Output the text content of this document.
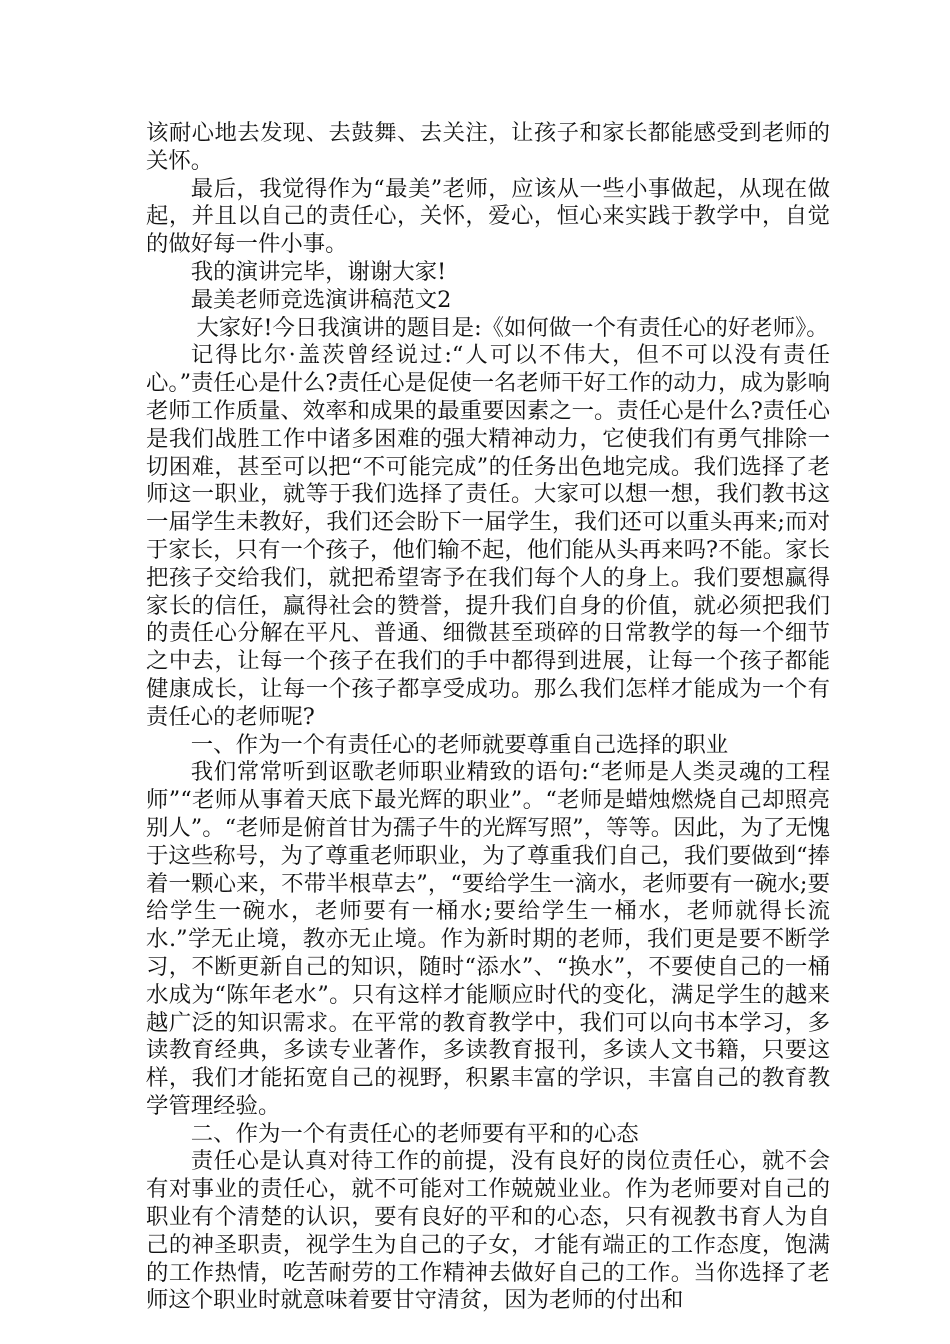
该耐心地去发现、去鼓舞、去关注，让孩子和家长都能感受到老师的关怀。

最后，我觉得作为“最美”老师，应该从一些小事做起，从现在做起，并且以自己的责任心，关怀，爱心，恒心来实践于教学中，自觉的做好每一件小事。

我的演讲完毕，谢谢大家!

最美老师竞选演讲稿范文2

大家好!今日我演讲的题目是:《如何做一个有责任心的好老师》。

记得比尔·盖茨曾经说过:“人可以不伟大，但不可以没有责任心。”责任心是什么?责任心是促使一名老师干好工作的动力，成为影响老师工作质量、效率和成果的最重要因素之一。责任心是什么?责任心是我们战胜工作中诸多困难的强大精神动力，它使我们有勇气排除一切困难，甚至可以把“不可能完成”的任务出色地完成。我们选择了老师这一职业，就等于我们选择了责任。大家可以想一想，我们教书这一届学生未教好，我们还会盼下一届学生，我们还可以重头再来;而对于家长，只有一个孩子，他们输不起，他们能从头再来吗?不能。家长把孩子交给我们，就把希望寄予在我们每个人的身上。我们要想赢得家长的信任，赢得社会的赞誉，提升我们自身的价值，就必须把我们的责任心分解在平凡、普通、细微甚至琐碎的日常教学的每一个细节之中去，让每一个孩子在我们的手中都得到进展，让每一个孩子都能健康成长，让每一个孩子都享受成功。那么我们怎样才能成为一个有责任心的老师呢?

一、作为一个有责任心的老师就要尊重自己选择的职业

我们常常听到讴歌老师职业精致的语句:“老师是人类灵魂的工程师”“老师从事着天底下最光辉的职业”。“老师是蜡烛燃烧自己却照亮别人”。“老师是俯首甘为孺子牛的光辉写照”，等等。因此，为了无愧于这些称号，为了尊重老师职业，为了尊重我们自己，我们要做到“捧着一颗心来，不带半根草去”，“要给学生一滴水，老师要有一碗水;要给学生一碗水，老师要有一桶水;要给学生一桶水，老师就得长流水.”学无止境，教亦无止境。作为新时期的老师，我们更是要不断学习，不断更新自己的知识，随时“添水”、“换水”，不要使自己的一桶水成为“陈年老水”。只有这样才能顺应时代的变化，满足学生的越来越广泛的知识需求。在平常的教育教学中，我们可以向书本学习，多读教育经典，多读专业著作，多读教育报刊，多读人文书籍，只要这样，我们才能拓宽自己的视野，积累丰富的学识，丰富自己的教育教学管理经验。

二、作为一个有责任心的老师要有平和的心态

责任心是认真对待工作的前提，没有良好的岗位责任心，就不会有对事业的责任心，就不可能对工作兢兢业业。作为老师要对自己的职业有个清楚的认识，要有良好的平和的心态，只有视教书育人为自己的神圣职责，视学生为自己的子女，才能有端正的工作态度，饱满的工作热情，吃苦耐劳的工作精神去做好自己的工作。当你选择了老师这个职业时就意味着要甘守清贫，因为老师的付出和
